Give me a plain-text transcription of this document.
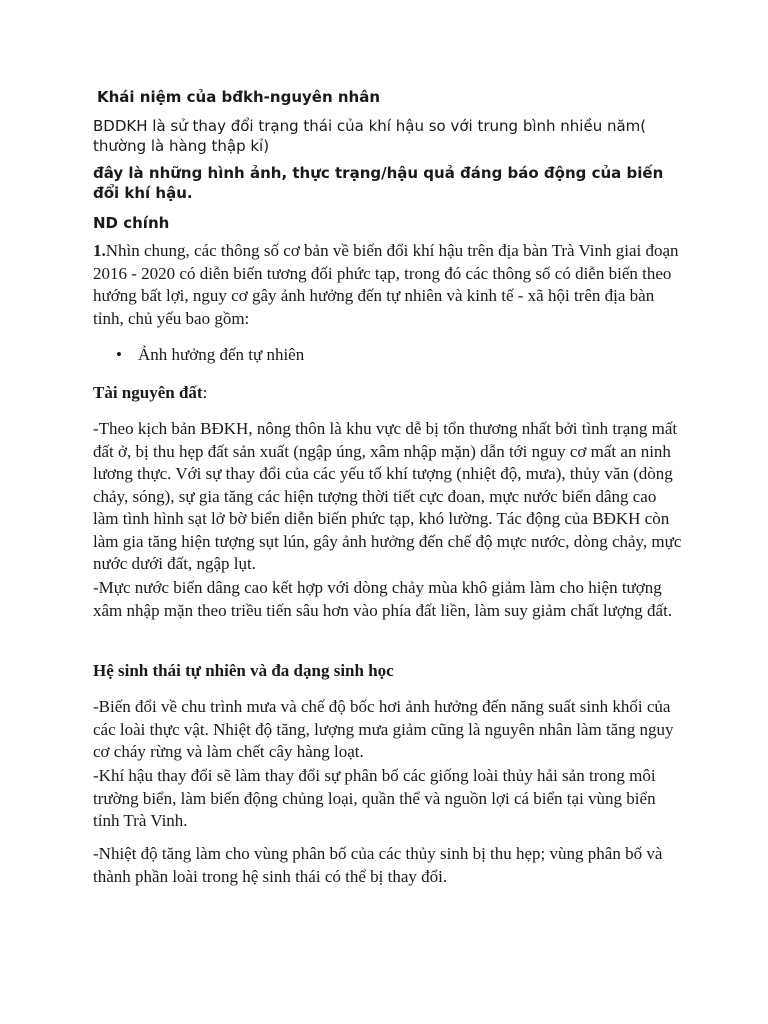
Khái niệm của bđkh-nguyên nhân

BDDKH là sử thay đổi trạng thái của khí hậu so với trung bình nhiều năm( thường là hàng thập kỉ)

đây là những hình ảnh, thực trạng/hậu quả đáng báo động của biến đổi khí hậu.

ND chính

1.Nhìn chung, các thông số cơ bản về biến đổi khí hậu trên địa bàn Trà Vinh giai đoạn 2016 - 2020 có diễn biến tương đối phức tạp, trong đó các thông số có diễn biến theo hướng bất lợi, nguy cơ gây ảnh hưởng đến tự nhiên và kinh tế - xã hội trên địa bàn tỉnh, chủ yếu bao gồm:

• Ảnh hưởng đến tự nhiên

Tài nguyên đất:

-Theo kịch bản BĐKH, nông thôn là khu vực dễ bị tổn thương nhất bởi tình trạng mất đất ở, bị thu hẹp đất sản xuất (ngập úng, xâm nhập mặn) dẫn tới nguy cơ mất an ninh lương thực. Với sự thay đổi của các yếu tố khí tượng (nhiệt độ, mưa), thủy văn (dòng chảy, sóng), sự gia tăng các hiện tượng thời tiết cực đoan, mực nước biển dâng cao làm tình hình sạt lở bờ biển diễn biến phức tạp, khó lường. Tác động của BĐKH còn làm gia tăng hiện tượng sụt lún, gây ảnh hưởng đến chế độ mực nước, dòng chảy, mực nước dưới đất, ngập lụt.

-Mực nước biển dâng cao kết hợp với dòng chảy mùa khô giảm làm cho hiện tượng xâm nhập mặn theo triều tiến sâu hơn vào phía đất liền, làm suy giảm chất lượng đất.

Hệ sinh thái tự nhiên và đa dạng sinh học

-Biến đổi về chu trình mưa và chế độ bốc hơi ảnh hưởng đến năng suất sinh khối của các loài thực vật. Nhiệt độ tăng, lượng mưa giảm cũng là nguyên nhân làm tăng nguy cơ cháy rừng và làm chết cây hàng loạt.

-Khí hậu thay đổi sẽ làm thay đổi sự phân bố các giống loài thủy hải sản trong môi trường biển, làm biến động chủng loại, quần thể và nguồn lợi cá biển tại vùng biển tỉnh Trà Vinh.

-Nhiệt độ tăng làm cho vùng phân bố của các thủy sinh bị thu hẹp; vùng phân bố và thành phần loài trong hệ sinh thái có thể bị thay đổi.
